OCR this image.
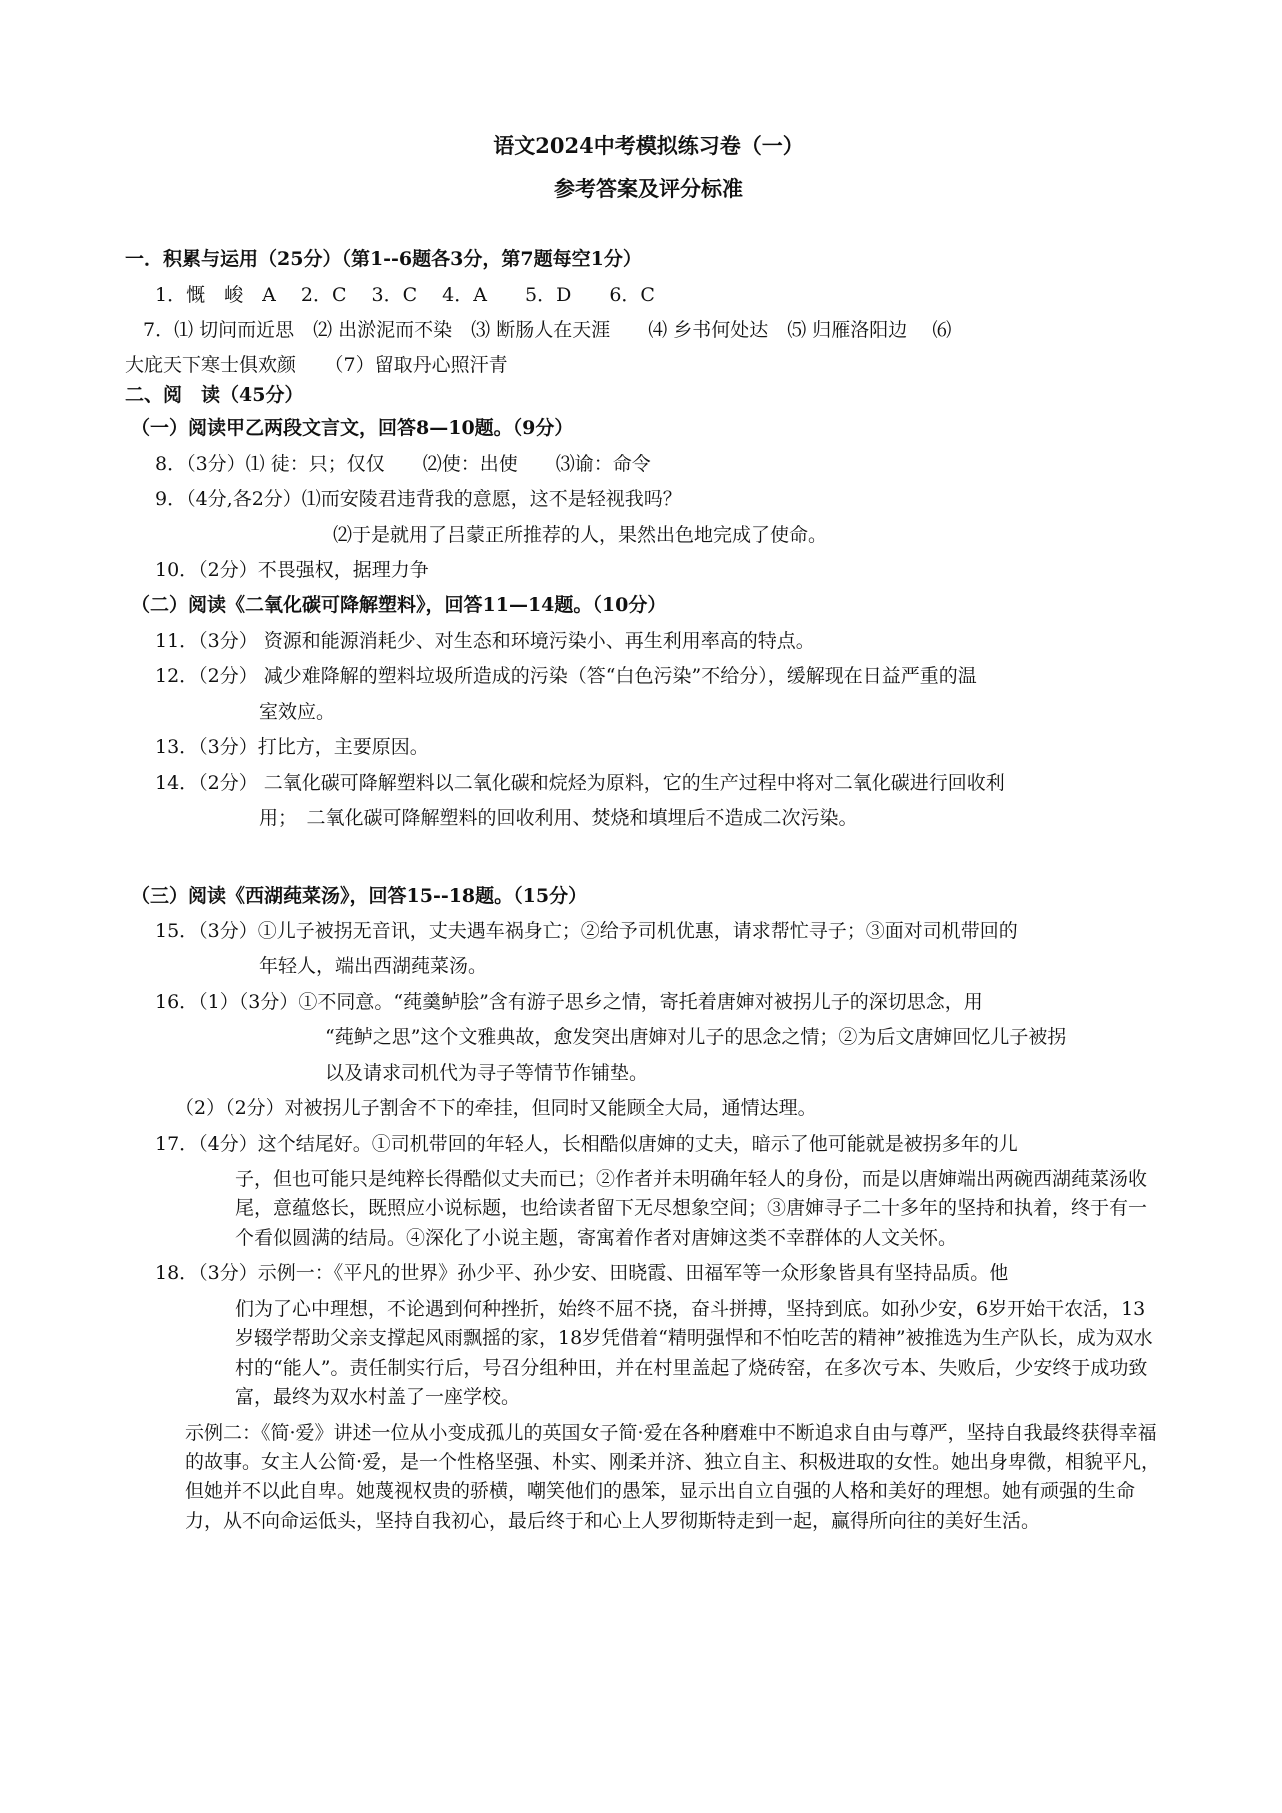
语文2024中考模拟练习卷（一）
参考答案及评分标准
一．积累与运用（25分）（第1--6题各3分，第7题每空1分）
1．慨　峻　A　 2．C　 3．C　 4．A　　5．D　　6．C
7．⑴ 切问而近思　⑵ 出淤泥而不染　⑶ 断肠人在天涯　　⑷ 乡书何处达　⑸ 归雁洛阳边　 ⑹
大庇天下寒士俱欢颜　　（7）留取丹心照汗青
二、阅　读（45分）
（一）阅读甲乙两段文言文，回答8—10题。（9分）
8．（3分）⑴ 徒：只；仅仅　　⑵使：出使　　⑶谕：命令
9．（4分,各2分）⑴而安陵君违背我的意愿，这不是轻视我吗？
⑵于是就用了吕蒙正所推荐的人，果然出色地完成了使命。
10．（2分）不畏强权，据理力争
（二）阅读《二氧化碳可降解塑料》，回答11—14题。（10分）
11．（3分） 资源和能源消耗少、对生态和环境污染小、再生利用率高的特点。
12．（2分） 减少难降解的塑料垃圾所造成的污染（答“白色污染”不给分），缓解现在日益严重的温
室效应。
13．（3分）打比方，主要原因。
14．（2分） 二氧化碳可降解塑料以二氧化碳和烷烃为原料，它的生产过程中将对二氧化碳进行回收利
用；　二氧化碳可降解塑料的回收利用、焚烧和填埋后不造成二次污染。
（三）阅读《西湖莼菜汤》，回答15--18题。（15分）
15．（3分）①儿子被拐无音讯，丈夫遇车祸身亡；②给予司机优惠，请求帮忙寻子；③面对司机带回的
年轻人，端出西湖莼菜汤。
16．（1）（3分）①不同意。“莼羹鲈脍”含有游子思乡之情，寄托着唐婶对被拐儿子的深切思念，用
“莼鲈之思”这个文雅典故，愈发突出唐婶对儿子的思念之情；②为后文唐婶回忆儿子被拐
以及请求司机代为寻子等情节作铺垫。
（2）（2分）对被拐儿子割舍不下的牵挂，但同时又能顾全大局，通情达理。
17．（4分）这个结尾好。①司机带回的年轻人，长相酷似唐婶的丈夫，暗示了他可能就是被拐多年的儿
子，但也可能只是纯粹长得酷似丈夫而已；②作者并未明确年轻人的身份，而是以唐婶端出两碗西湖莼菜汤收尾，意蕴悠长，既照应小说标题，也给读者留下无尽想象空间；③唐婶寻子二十多年的坚持和执着，终于有一个看似圆满的结局。④深化了小说主题，寄寓着作者对唐婶这类不幸群体的人文关怀。
18．（3分）示例一：《平凡的世界》孙少平、孙少安、田晓霞、田福军等一众形象皆具有坚持品质。他
们为了心中理想，不论遇到何种挫折，始终不屈不挠，奋斗拼搏，坚持到底。如孙少安，6岁开始干农活，13岁辍学帮助父亲支撑起风雨飘摇的家，18岁凭借着“精明强悍和不怕吃苦的精神”被推选为生产队长，成为双水村的“能人”。责任制实行后，号召分组种田，并在村里盖起了烧砖窑，在多次亏本、失败后，少安终于成功致富，最终为双水村盖了一座学校。
示例二：《简·爱》讲述一位从小变成孤儿的英国女子简·爱在各种磨难中不断追求自由与尊严，坚持自我最终获得幸福的故事。女主人公简·爱，是一个性格坚强、朴实、刚柔并济、独立自主、积极进取的女性。她出身卑微，相貌平凡，但她并不以此自卑。她蔑视权贵的骄横，嘲笑他们的愚笨，显示出自立自强的人格和美好的理想。她有顽强的生命力，从不向命运低头，坚持自我初心，最后终于和心上人罗彻斯特走到一起，赢得所向往的美好生活。
